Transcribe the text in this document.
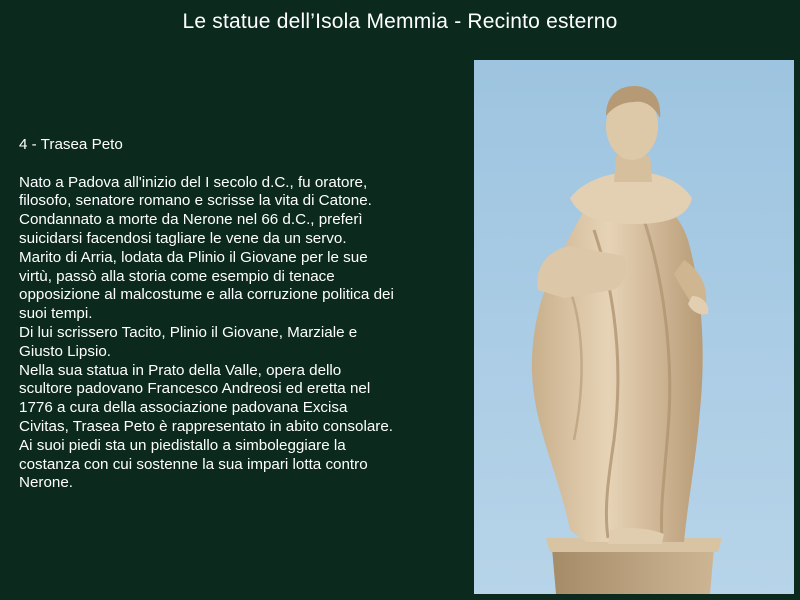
Le statue dell’Isola Memmia - Recinto esterno

4 - Trasea Peto

Nato a Padova all'inizio del I secolo d.C., fu oratore,
filosofo, senatore romano e scrisse la vita di Catone.
Condannato a morte da Nerone nel 66 d.C., preferì
suicidarsi facendosi tagliare le vene da un servo.
Marito di Arria, lodata da Plinio il Giovane per le sue
virtù, passò alla storia come esempio di tenace
opposizione al malcostume e alla corruzione politica dei
suoi tempi.
Di lui scrissero Tacito, Plinio il Giovane, Marziale e
Giusto Lipsio.
Nella sua statua in Prato della Valle, opera dello
scultore padovano Francesco Andreosi ed eretta nel
1776 a cura della associazione padovana Excisa
Civitas, Trasea Peto è rappresentato in abito consolare.
Ai suoi piedi sta un piedistallo a simboleggiare la
costanza con cui sostenne la sua impari lotta contro
Nerone.
